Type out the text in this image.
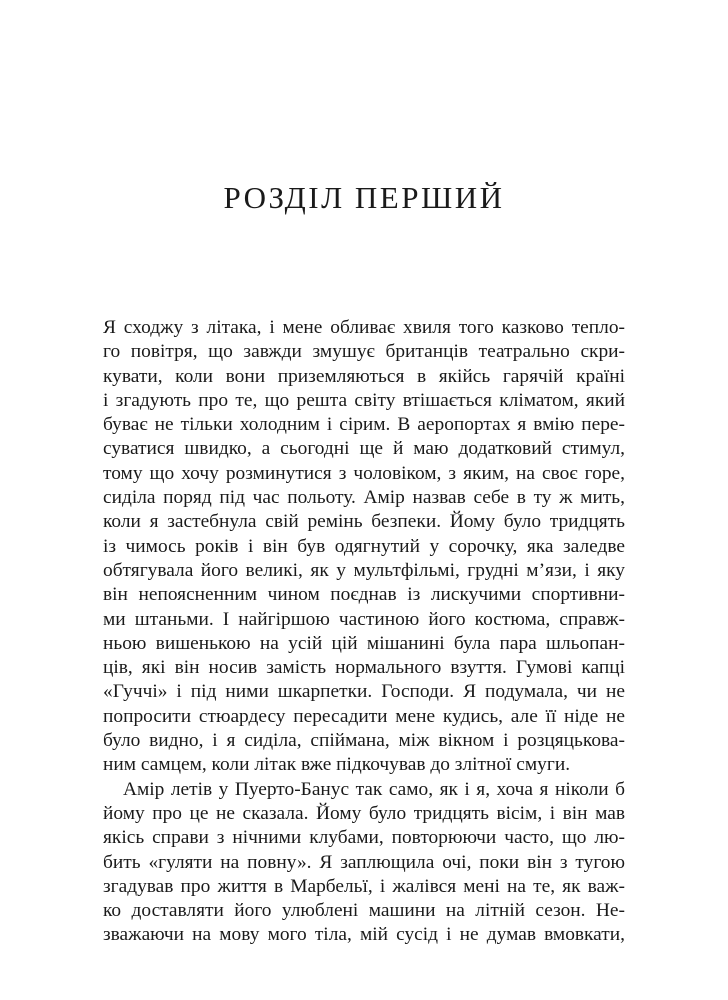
РОЗДІЛ ПЕРШИЙ
Я сходжу з літака, і мене обливає хвиля того казково тепло-
го повітря, що завжди змушує британців театрально скри-
кувати, коли вони приземляються в якійсь гарячій країні
і згадують про те, що решта світу втішається кліматом, який
буває не тільки холодним і сірим. В аеропортах я вмію пере-
суватися швидко, а сьогодні ще й маю додатковий стимул,
тому що хочу розминутися з чоловіком, з яким, на своє горе,
сиділа поряд під час польоту. Амір назвав себе в ту ж мить,
коли я застебнула свій ремінь безпеки. Йому було тридцять
із чимось років і він був одягнутий у сорочку, яка заледве
обтягувала його великі, як у мультфільмі, грудні м’язи, і яку
він непоясненним чином поєднав із лискучими спортивни-
ми штаньми. І найгіршою частиною його костюма, справж-
ньою вишенькою на усій цій мішанині була пара шльопан-
ців, які він носив замість нормального взуття. Гумові капці
«Гуччі» і під ними шкарпетки. Господи. Я подумала, чи не
попросити стюардесу пересадити мене кудись, але її ніде не
було видно, і я сиділа, спіймана, між вікном і розцяцькова-
ним самцем, коли літак вже підкочував до злітної смуги.
Амір летів у Пуерто-Банус так само, як і я, хоча я ніколи б
йому про це не сказала. Йому було тридцять вісім, і він мав
якісь справи з нічними клубами, повторюючи часто, що лю-
бить «гуляти на повну». Я заплющила очі, поки він з тугою
згадував про життя в Марбельї, і жалівся мені на те, як важ-
ко доставляти його улюблені машини на літній сезон. Не-
зважаючи на мову мого тіла, мій сусід і не думав вмовкати,
